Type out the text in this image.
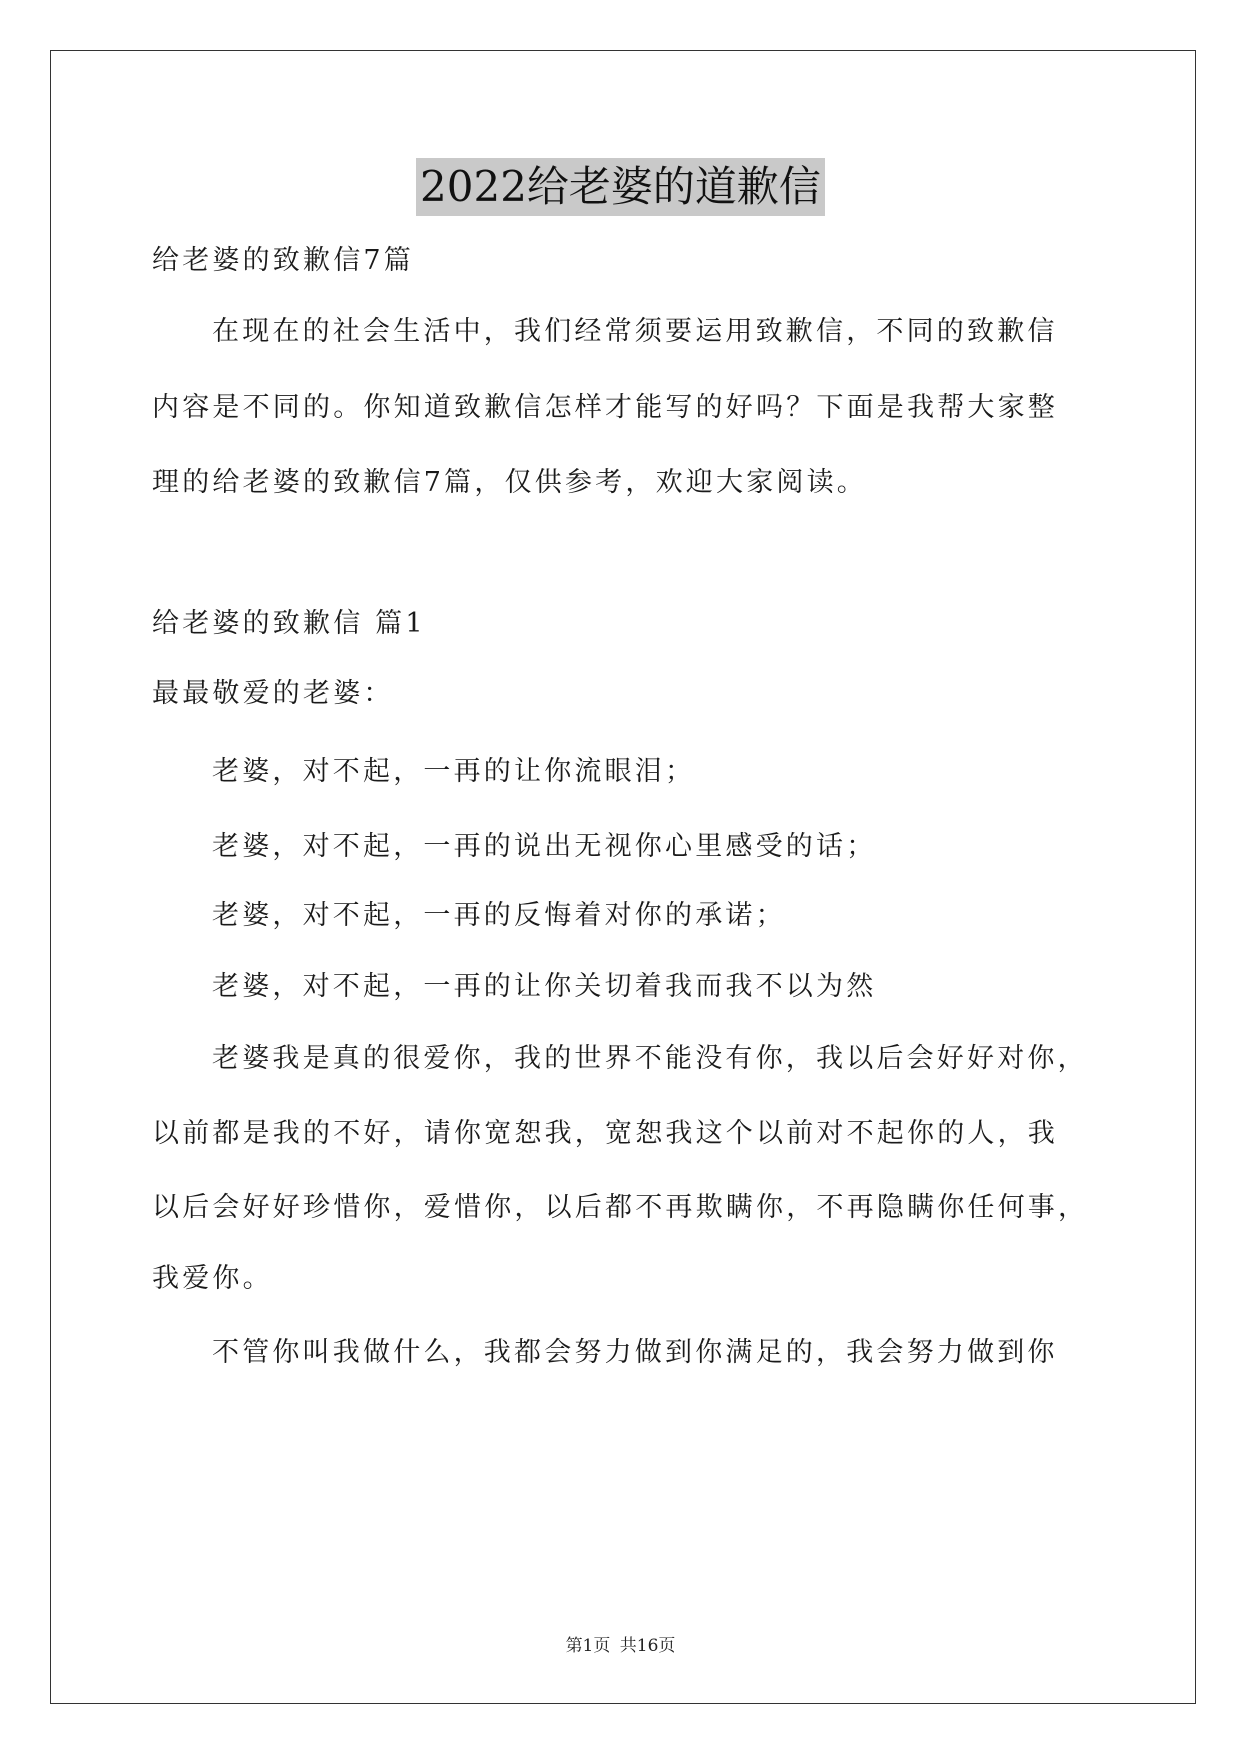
2022给老婆的道歉信
给老婆的致歉信7篇
在现在的社会生活中，我们经常须要运用致歉信，不同的致歉信
内容是不同的。你知道致歉信怎样才能写的好吗？下面是我帮大家整
理的给老婆的致歉信7篇，仅供参考，欢迎大家阅读。
给老婆的致歉信 篇1
最最敬爱的老婆：
老婆，对不起，一再的让你流眼泪；
老婆，对不起，一再的说出无视你心里感受的话；
老婆，对不起，一再的反悔着对你的承诺；
老婆，对不起，一再的让你关切着我而我不以为然
老婆我是真的很爱你，我的世界不能没有你，我以后会好好对你，
以前都是我的不好，请你宽恕我，宽恕我这个以前对不起你的人，我
以后会好好珍惜你，爱惜你，以后都不再欺瞒你，不再隐瞒你任何事，
我爱你。
不管你叫我做什么，我都会努力做到你满足的，我会努力做到你
第1页 共16页
